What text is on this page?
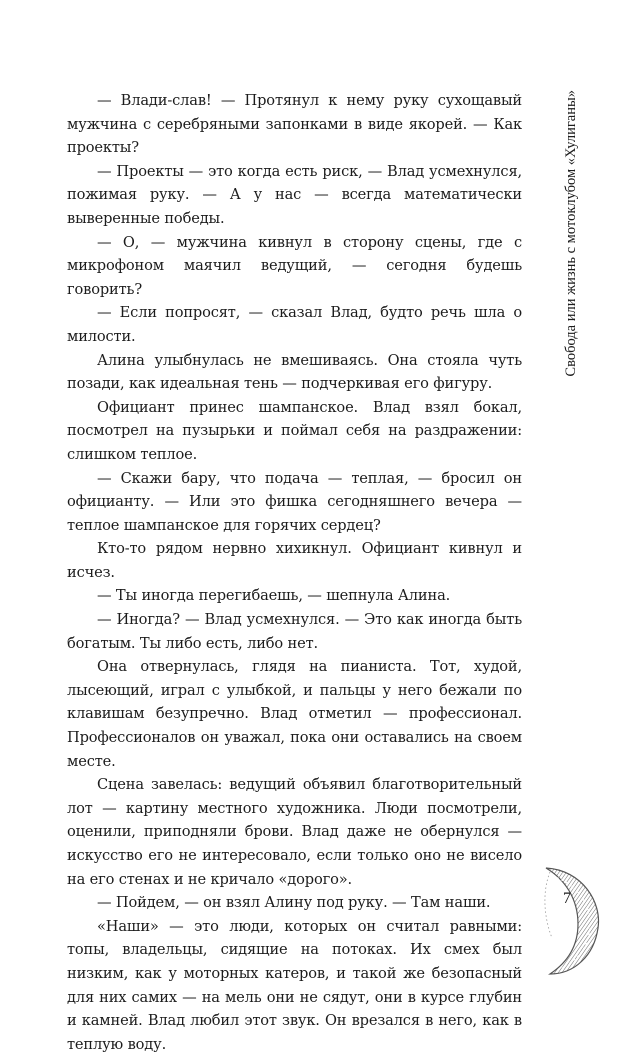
— Влади-слав! — Протянул к нему руку сухощавый мужчина с серебряными запонками в виде якорей. — Как проекты?

— Проекты — это когда есть риск, — Влад усмехнулся, пожимая руку. — А у нас — всегда математически выверенные победы.

— О, — мужчина кивнул в сторону сцены, где с микрофоном маячил ведущий, — сегодня будешь говорить?

— Если попросят, — сказал Влад, будто речь шла о милости.

Алина улыбнулась не вмешиваясь. Она стояла чуть позади, как идеальная тень — подчеркивая его фигуру.

Официант принес шампанское. Влад взял бокал, посмотрел на пузырьки и поймал себя на раздражении: слишком теплое.

— Скажи бару, что подача — теплая, — бросил он официанту. — Или это фишка сегодняшнего вечера — теплое шампанское для горячих сердец?

Кто-то рядом нервно хихикнул. Официант кивнул и исчез.

— Ты иногда перегибаешь, — шепнула Алина.

— Иногда? — Влад усмехнулся. — Это как иногда быть богатым. Ты либо есть, либо нет.

Она отвернулась, глядя на пианиста. Тот, худой, лысеющий, играл с улыбкой, и пальцы у него бежали по клавишам безупречно. Влад отметил — профессионал. Профессионалов он уважал, пока они оставались на своем месте.

Сцена завелась: ведущий объявил благотворительный лот — картину местного художника. Люди посмотрели, оценили, приподняли брови. Влад даже не обернулся — искусство его не интересовало, если только оно не висело на его стенах и не кричало «дорого».

— Пойдем, — он взял Алину под руку. — Там наши.

«Наши» — это люди, которых он считал равными: топы, владельцы, сидящие на потоках. Их смех был низким, как у моторных катеров, и такой же безопасный для них самих — на мель они не сядут, они в курсе глубин и камней. Влад любил этот звук. Он врезался в него, как в теплую воду.

Свобода или жизнь с мотоклубом «Хулиганы»
7
